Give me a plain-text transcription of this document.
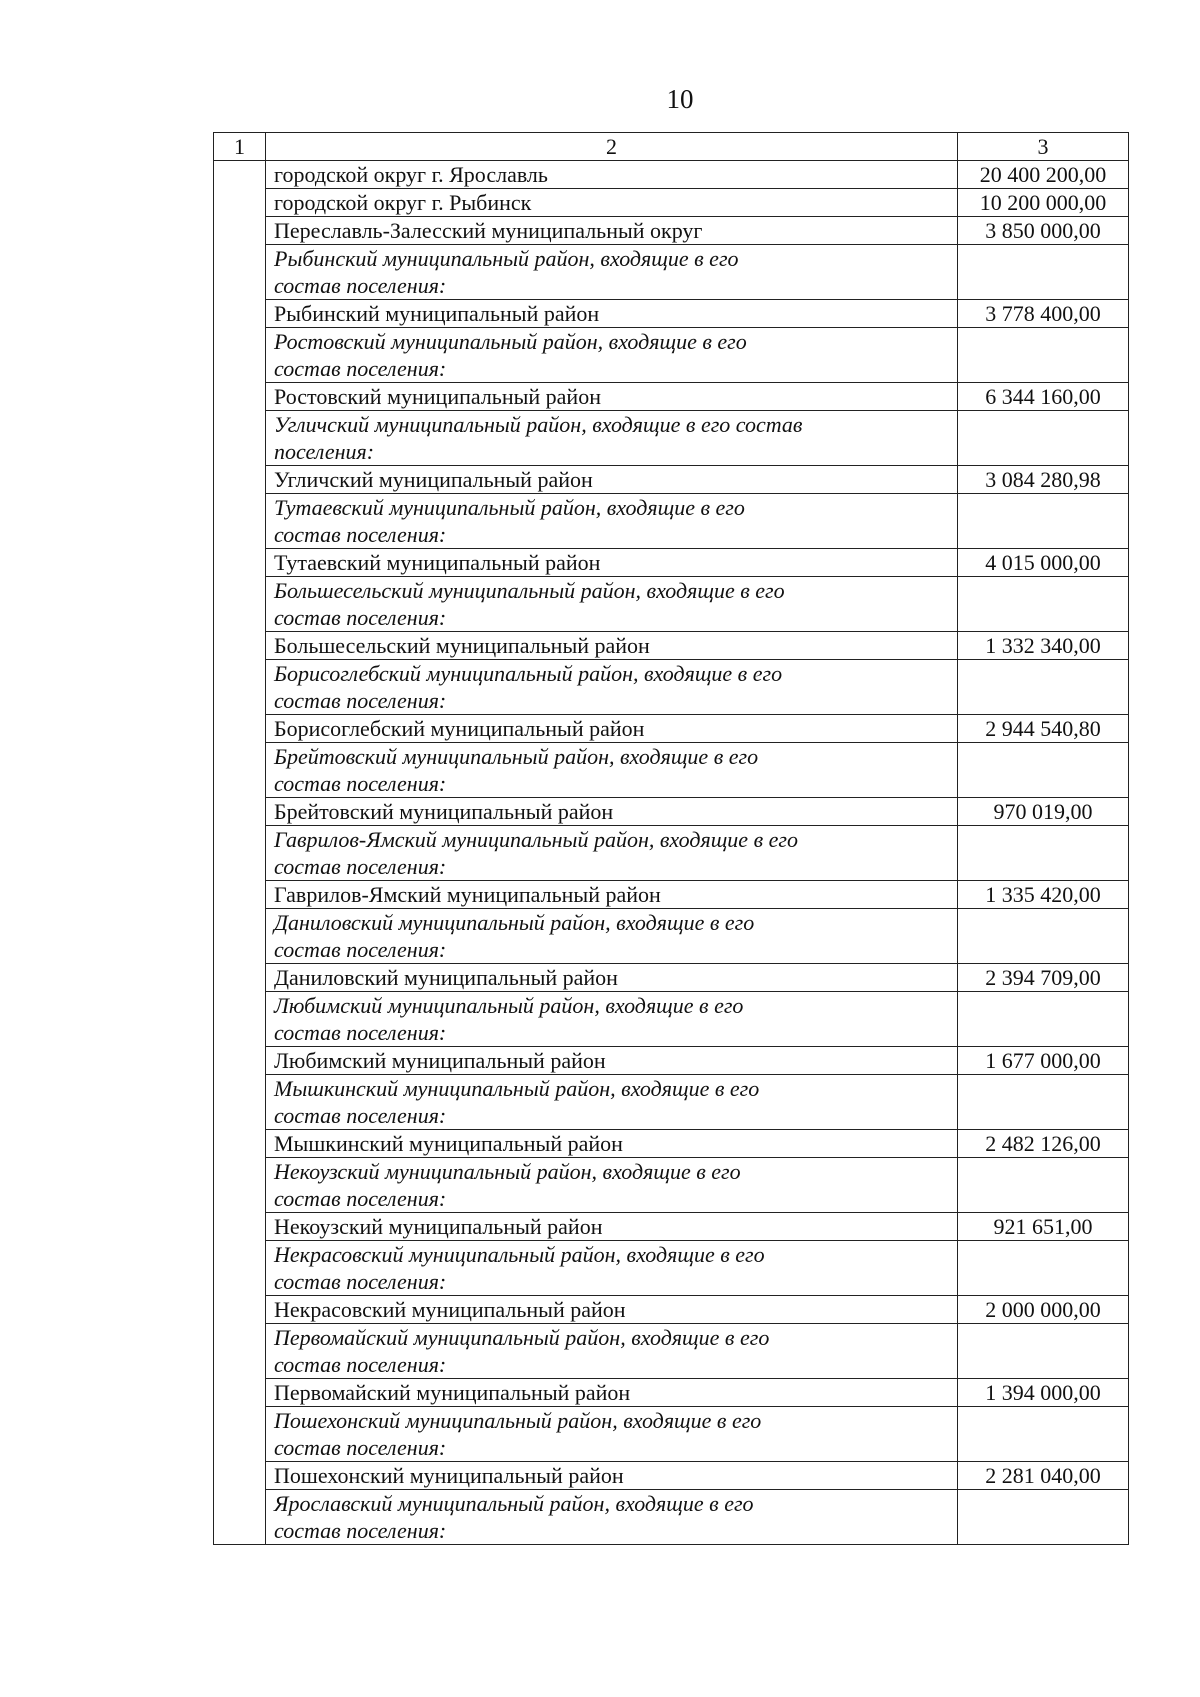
10
1	2	3
	городской округ г. Ярославль	20 400 200,00
	городской округ г. Рыбинск	10 200 000,00
	Переславль-Залесский муниципальный округ	3 850 000,00
	Рыбинский муниципальный район, входящие в его состав поселения:	
	Рыбинский муниципальный район	3 778 400,00
	Ростовский муниципальный район, входящие в его состав поселения:	
	Ростовский муниципальный район	6 344 160,00
	Угличский муниципальный район, входящие в его состав поселения:	
	Угличский муниципальный район	3 084 280,98
	Тутаевский муниципальный район, входящие в его состав поселения:	
	Тутаевский муниципальный район	4 015 000,00
	Большесельский муниципальный район, входящие в его состав поселения:	
	Большесельский муниципальный район	1 332 340,00
	Борисоглебский муниципальный район, входящие в его состав поселения:	
	Борисоглебский муниципальный район	2 944 540,80
	Брейтовский муниципальный район, входящие в его состав поселения:	
	Брейтовский муниципальный район	970 019,00
	Гаврилов-Ямский муниципальный район, входящие в его состав поселения:	
	Гаврилов-Ямский муниципальный район	1 335 420,00
	Даниловский муниципальный район, входящие в его состав поселения:	
	Даниловский муниципальный район	2 394 709,00
	Любимский муниципальный район, входящие в его состав поселения:	
	Любимский муниципальный район	1 677 000,00
	Мышкинский муниципальный район, входящие в его состав поселения:	
	Мышкинский муниципальный район	2 482 126,00
	Некоузский муниципальный район, входящие в его состав поселения:	
	Некоузский муниципальный район	921 651,00
	Некрасовский муниципальный район, входящие в его состав поселения:	
	Некрасовский муниципальный район	2 000 000,00
	Первомайский муниципальный район, входящие в его состав поселения:	
	Первомайский муниципальный район	1 394 000,00
	Пошехонский муниципальный район, входящие в его состав поселения:	
	Пошехонский муниципальный район	2 281 040,00
	Ярославский муниципальный район, входящие в его состав поселения:	
